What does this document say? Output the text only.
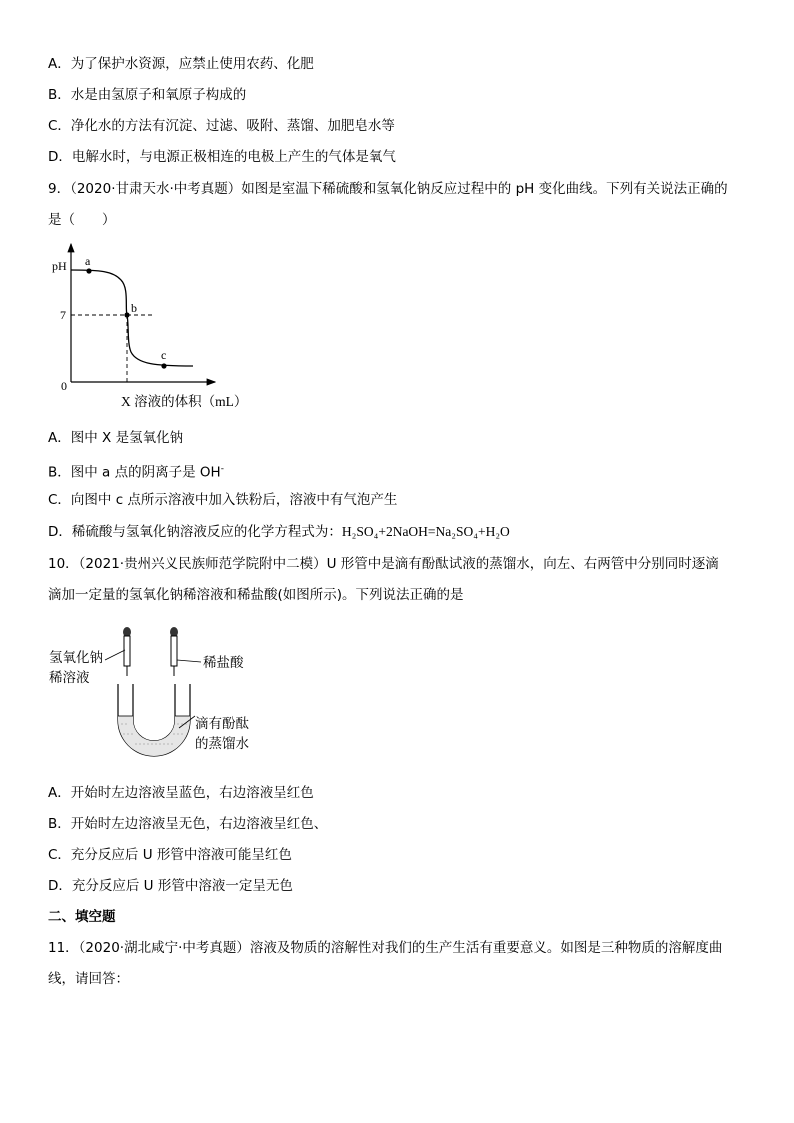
A．为了保护水资源，应禁止使用农药、化肥
B．水是由氢原子和氧原子构成的
C．净化水的方法有沉淀、过滤、吸附、蒸馏、加肥皂水等
D．电解水时，与电源正极相连的电极上产生的气体是氧气
9．（2020·甘肃天水·中考真题）如图是室温下稀硫酸和氢氧化钠反应过程中的 pH 变化曲线。下列有关说法正确的
是（　　）
pH
7
0
a
b
c
X 溶液的体积（mL）
A．图中 X 是氢氧化钠
B．图中 a 点的阴离子是 OH-
C．向图中 c 点所示溶液中加入铁粉后，溶液中有气泡产生
D．稀硫酸与氢氧化钠溶液反应的化学方程式为：H₂SO₄+2NaOH=Na₂SO₄+H₂O
10．（2021·贵州兴义民族师范学院附中二模）U 形管中是滴有酚酞试液的蒸馏水，向左、右两管中分别同时逐滴
滴加一定量的氢氧化钠稀溶液和稀盐酸(如图所示)。下列说法正确的是
氢氧化钠
稀溶液
稀盐酸
滴有酚酞
的蒸馏水
A．开始时左边溶液呈蓝色，右边溶液呈红色
B．开始时左边溶液呈无色，右边溶液呈红色、
C．充分反应后 U 形管中溶液可能呈红色
D．充分反应后 U 形管中溶液一定呈无色
二、填空题
11．（2020·湖北咸宁·中考真题）溶液及物质的溶解性对我们的生产生活有重要意义。如图是三种物质的溶解度曲
线，请回答：
